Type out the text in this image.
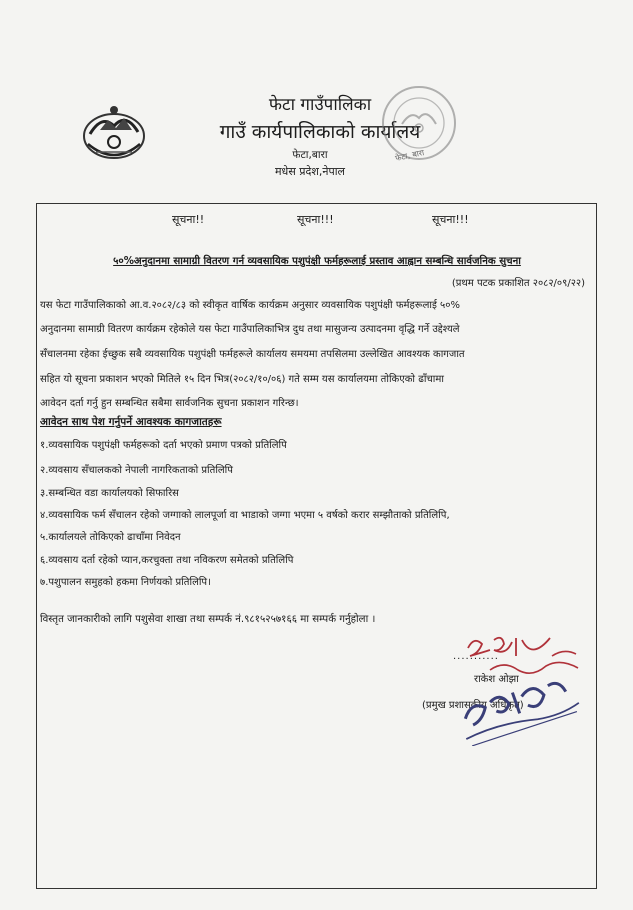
फेटा गाउँपालिका
गाउँ कार्यपालिकाको कार्यालय
फेटा,बारा
मधेस प्रदेश,नेपाल
फेटा, बारा
सूचना!!	सूचना!!!	सूचना!!!
५०%अनुदानमा सामाग्री वितरण गर्न व्यवसायिक पशुपंक्षी फर्महरूलाई प्रस्ताव आह्वान सम्बन्धि सार्वजनिक सुचना
(प्रथम पटक प्रकाशित २०८२/०९/२२)
यस फेटा गाउँपालिकाको आ.व.२०८२/८३ को स्वीकृत वार्षिक कार्यक्रम अनुसार व्यवसायिक पशुपंक्षी फर्महरूलाई ५०%
अनुदानमा सामाग्री वितरण कार्यक्रम रहेकोले यस फेटा गाउँपालिकाभित्र दुध तथा मासुजन्य उत्पादनमा वृद्धि गर्ने उद्देश्यले
सँचालनमा रहेका ईच्छुक सबै व्यवसायिक पशुपंक्षी फर्महरूले कार्यालय समयमा तपसिलमा उल्लेखित आवश्यक कागजात
सहित यो सूचना प्रकाशन भएको मितिले १५ दिन भित्र(२०८२/१०/०६) गते सम्म यस कार्यालयमा तोकिएको ढाँचामा
आवेदन दर्ता गर्नु हुन सम्बन्धित सबैमा सार्वजनिक सुचना प्रकाशन गरिन्छ।
आवेदन साथ पेश गर्नुपर्ने आवश्यक कागजातहरू
१.व्यवसायिक पशुपंक्षी फर्महरूको दर्ता भएको प्रमाण पत्रको प्रतिलिपि
२.व्यवसाय सँचालकको नेपाली नागरिकताको प्रतिलिपि
३.सम्बन्धित वडा कार्यालयको सिफारिस
४.व्यवसायिक फर्म सँचालन रहेको जग्गाको लालपूर्जा वा भाडाको जग्गा भएमा ५ वर्षको करार सम्झौताको प्रतिलिपि,
५.कार्यालयले तोकिएको ढाचाँमा निवेदन
६.व्यवसाय दर्ता रहेको प्यान,करचुक्ता तथा नविकरण समेतको प्रतिलिपि
७.पशुपालन समुहको हकमा निर्णयको प्रतिलिपि।
विस्तृत जानकारीको लागि पशुसेवा शाखा तथा सम्पर्क नं.९८१५२५७१६६ मा सम्पर्क गर्नुहोला ।
...........
राकेश ओझा
(प्रमुख प्रशासकीय अधिकृत)
